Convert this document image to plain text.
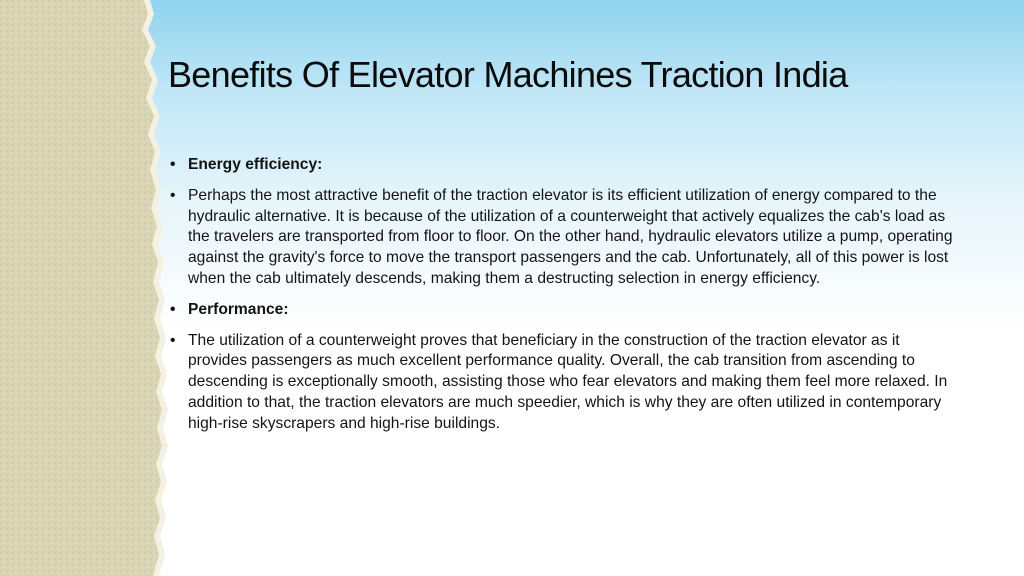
Benefits Of Elevator Machines Traction India
• Energy efficiency:
• Perhaps the most attractive benefit of the traction elevator is its efficient utilization of energy compared to the hydraulic alternative. It is because of the utilization of a counterweight that actively equalizes the cab's load as the travelers are transported from floor to floor. On the other hand, hydraulic elevators utilize a pump, operating against the gravity's force to move the transport passengers and the cab. Unfortunately, all of this power is lost when the cab ultimately descends, making them a destructing selection in energy efficiency.
• Performance:
• The utilization of a counterweight proves that beneficiary in the construction of the traction elevator as it provides passengers as much excellent performance quality. Overall, the cab transition from ascending to descending is exceptionally smooth, assisting those who fear elevators and making them feel more relaxed. In addition to that, the traction elevators are much speedier, which is why they are often utilized in contemporary high-rise skyscrapers and high-rise buildings.
